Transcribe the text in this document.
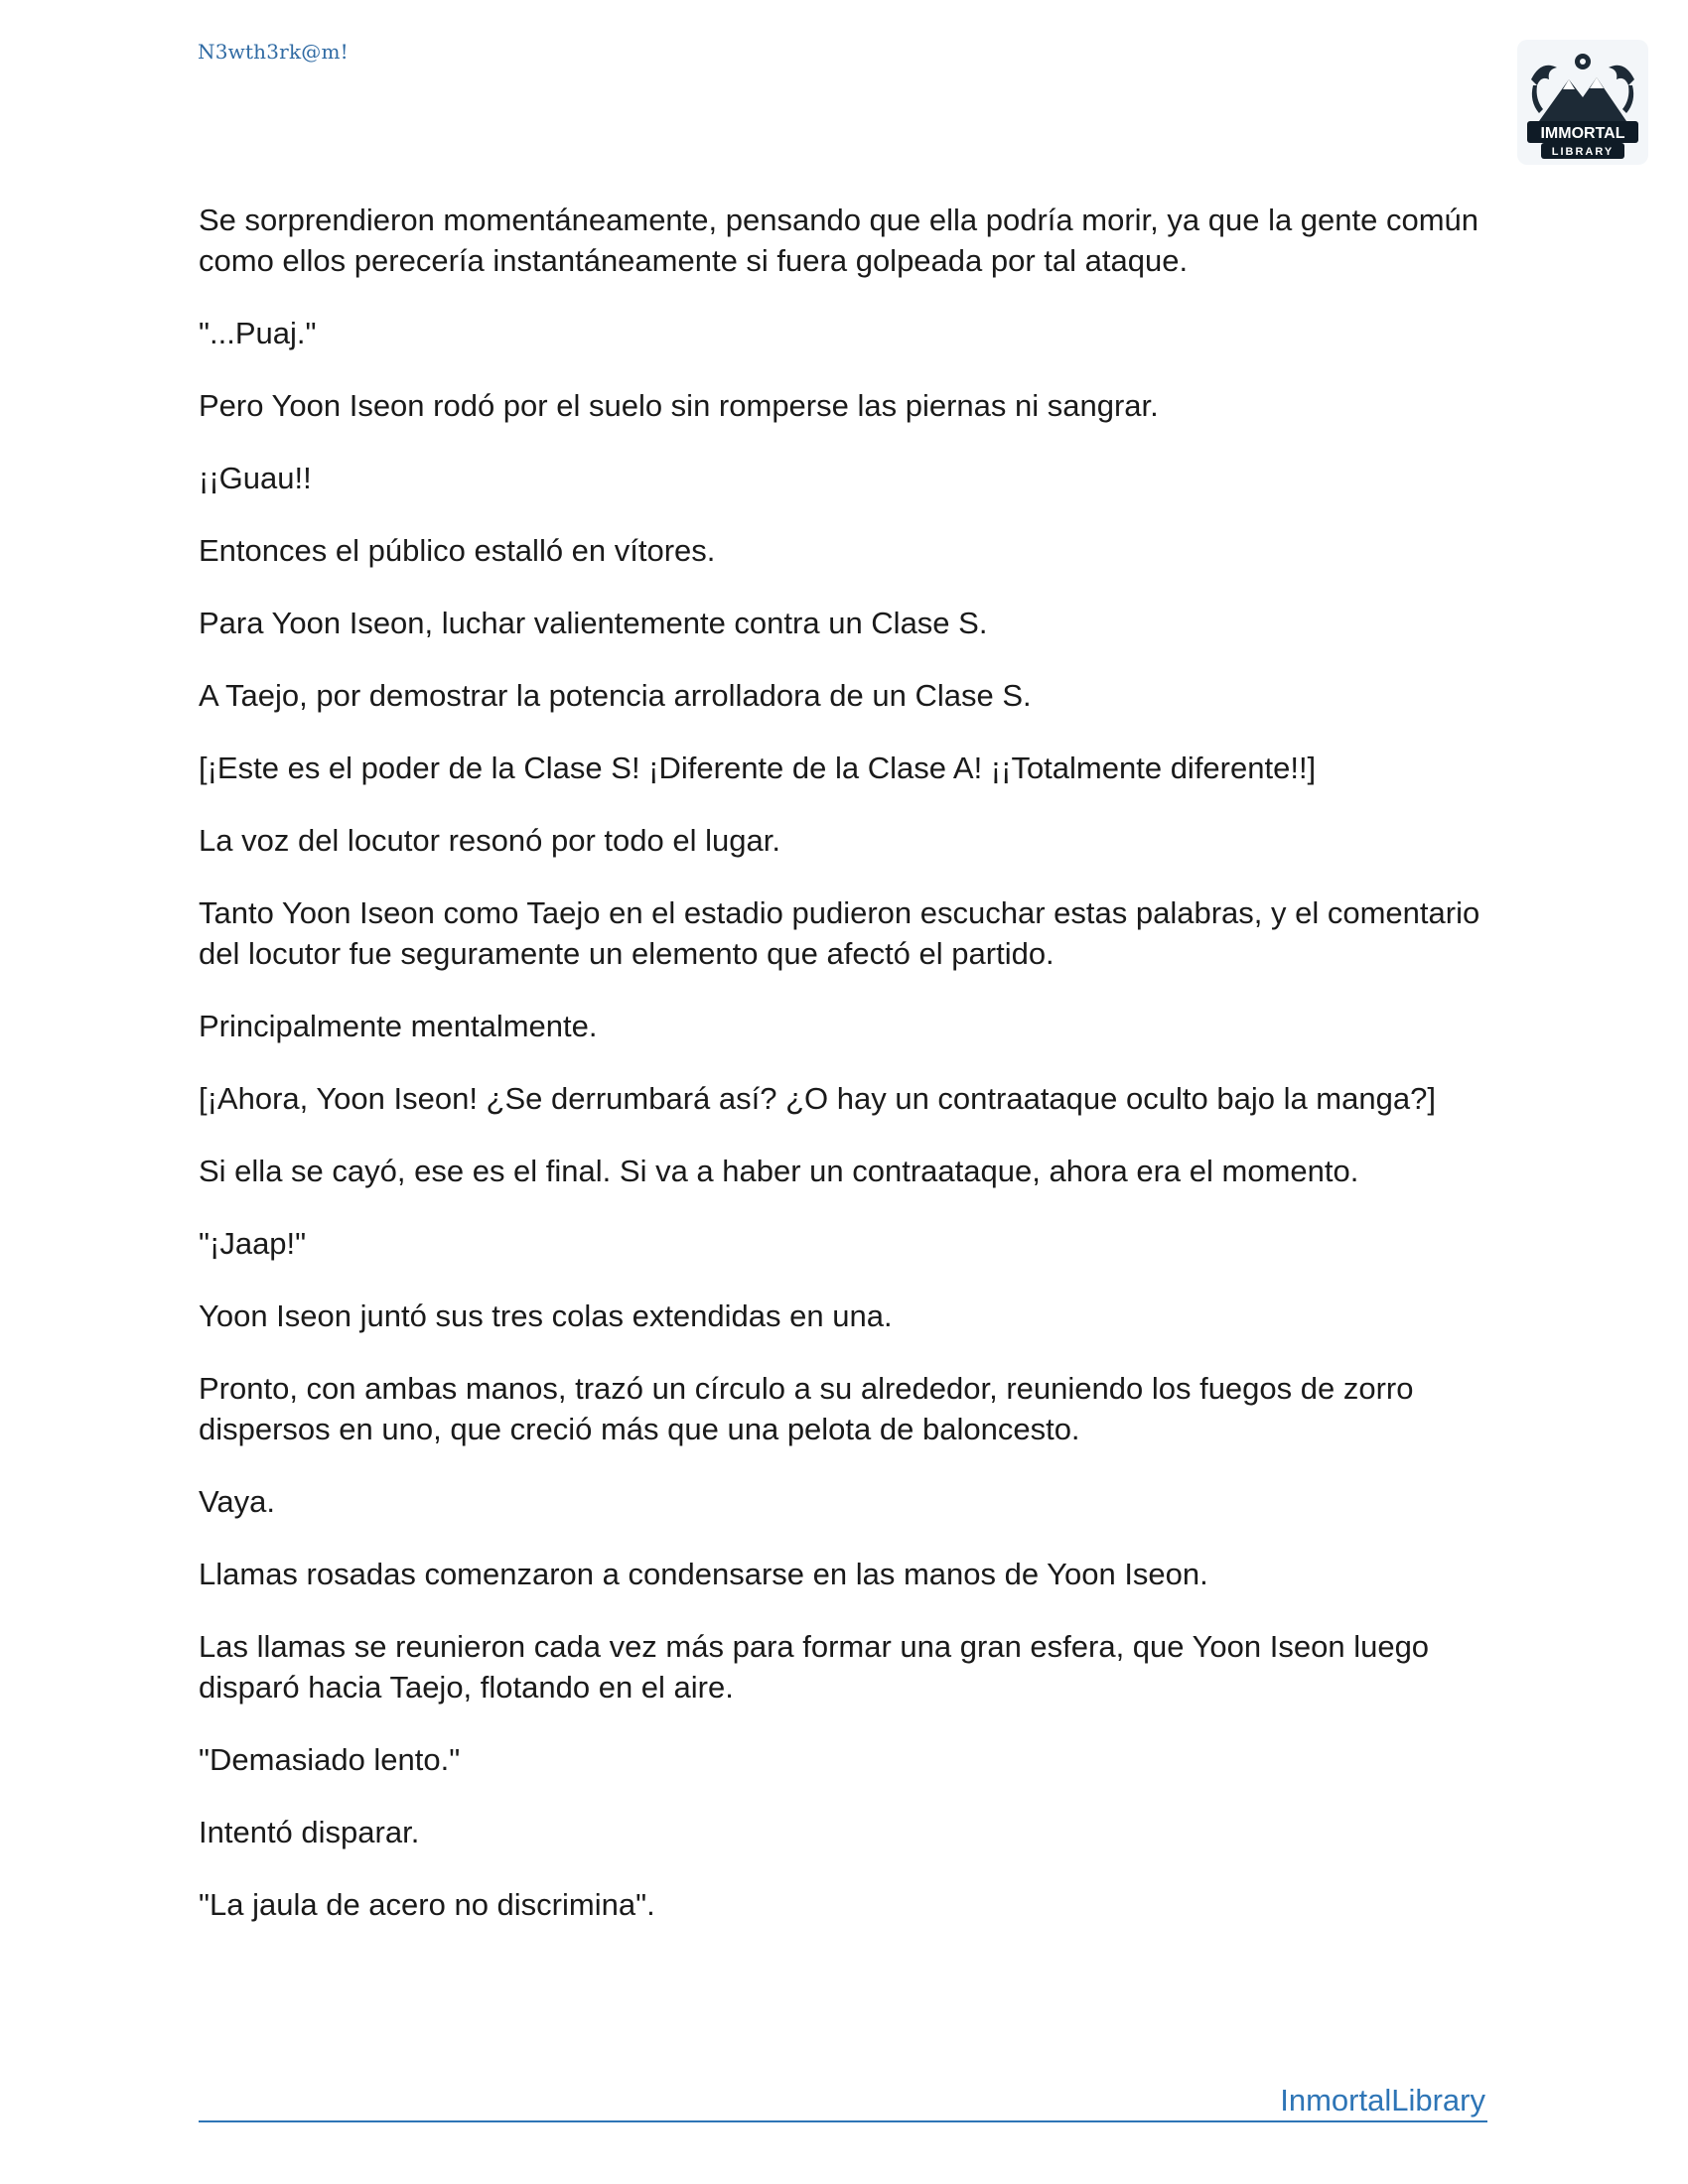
N3wth3rk@m!
IMMORTAL
LIBRARY

Se sorprendieron momentáneamente, pensando que ella podría morir, ya que la gente común como ellos perecería instantáneamente si fuera golpeada por tal ataque.

"...Puaj."

Pero Yoon Iseon rodó por el suelo sin romperse las piernas ni sangrar.

¡¡Guau!!

Entonces el público estalló en vítores.

Para Yoon Iseon, luchar valientemente contra un Clase S.

A Taejo, por demostrar la potencia arrolladora de un Clase S.

[¡Este es el poder de la Clase S! ¡Diferente de la Clase A! ¡¡Totalmente diferente!!]

La voz del locutor resonó por todo el lugar.

Tanto Yoon Iseon como Taejo en el estadio pudieron escuchar estas palabras, y el comentario del locutor fue seguramente un elemento que afectó el partido.

Principalmente mentalmente.

[¡Ahora, Yoon Iseon! ¿Se derrumbará así? ¿O hay un contraataque oculto bajo la manga?]

Si ella se cayó, ese es el final. Si va a haber un contraataque, ahora era el momento.

"¡Jaap!"

Yoon Iseon juntó sus tres colas extendidas en una.

Pronto, con ambas manos, trazó un círculo a su alrededor, reuniendo los fuegos de zorro dispersos en uno, que creció más que una pelota de baloncesto.

Vaya.

Llamas rosadas comenzaron a condensarse en las manos de Yoon Iseon.

Las llamas se reunieron cada vez más para formar una gran esfera, que Yoon Iseon luego disparó hacia Taejo, flotando en el aire.

"Demasiado lento."

Intentó disparar.

"La jaula de acero no discrimina".

InmortalLibrary
